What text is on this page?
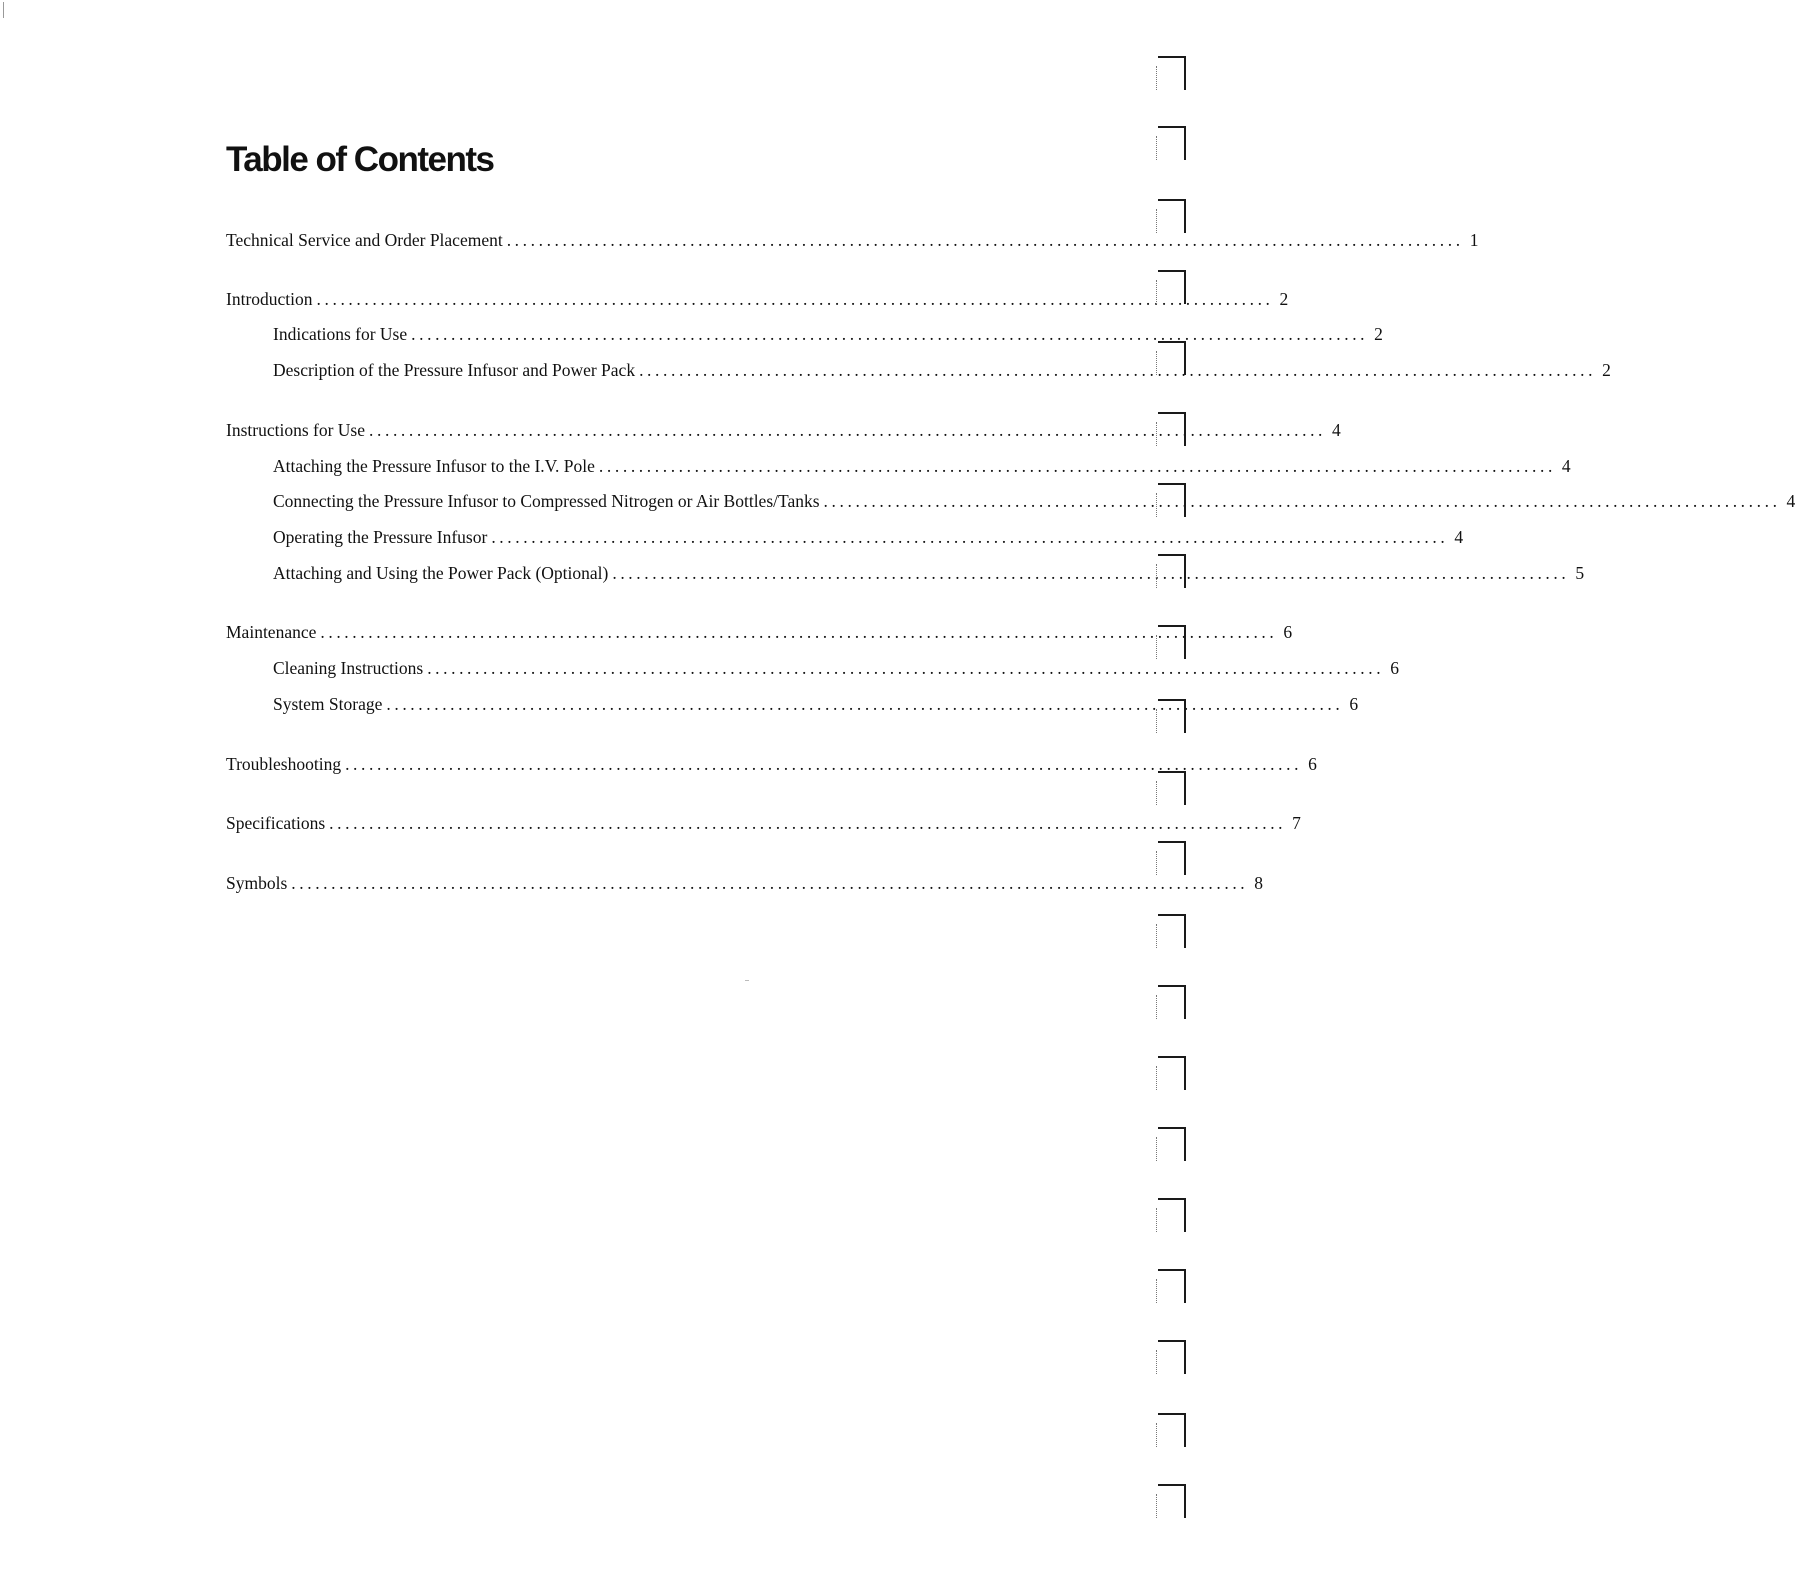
Table of Contents
Technical Service and Order Placement ........................................................................................................................ 1
Introduction ........................................................................................................................ 2
Indications for Use ........................................................................................................................ 2
Description of the Pressure Infusor and Power Pack ........................................................................................................................ 2
Instructions for Use ........................................................................................................................ 4
Attaching the Pressure Infusor to the I.V. Pole ........................................................................................................................ 4
Connecting the Pressure Infusor to Compressed Nitrogen or Air Bottles/Tanks ........................................................................................................................ 4
Operating the Pressure Infusor ........................................................................................................................ 4
Attaching and Using the Power Pack (Optional) ........................................................................................................................ 5
Maintenance ........................................................................................................................ 6
Cleaning Instructions ........................................................................................................................ 6
System Storage ........................................................................................................................ 6
Troubleshooting ........................................................................................................................ 6
Specifications ........................................................................................................................ 7
Symbols ........................................................................................................................ 8
